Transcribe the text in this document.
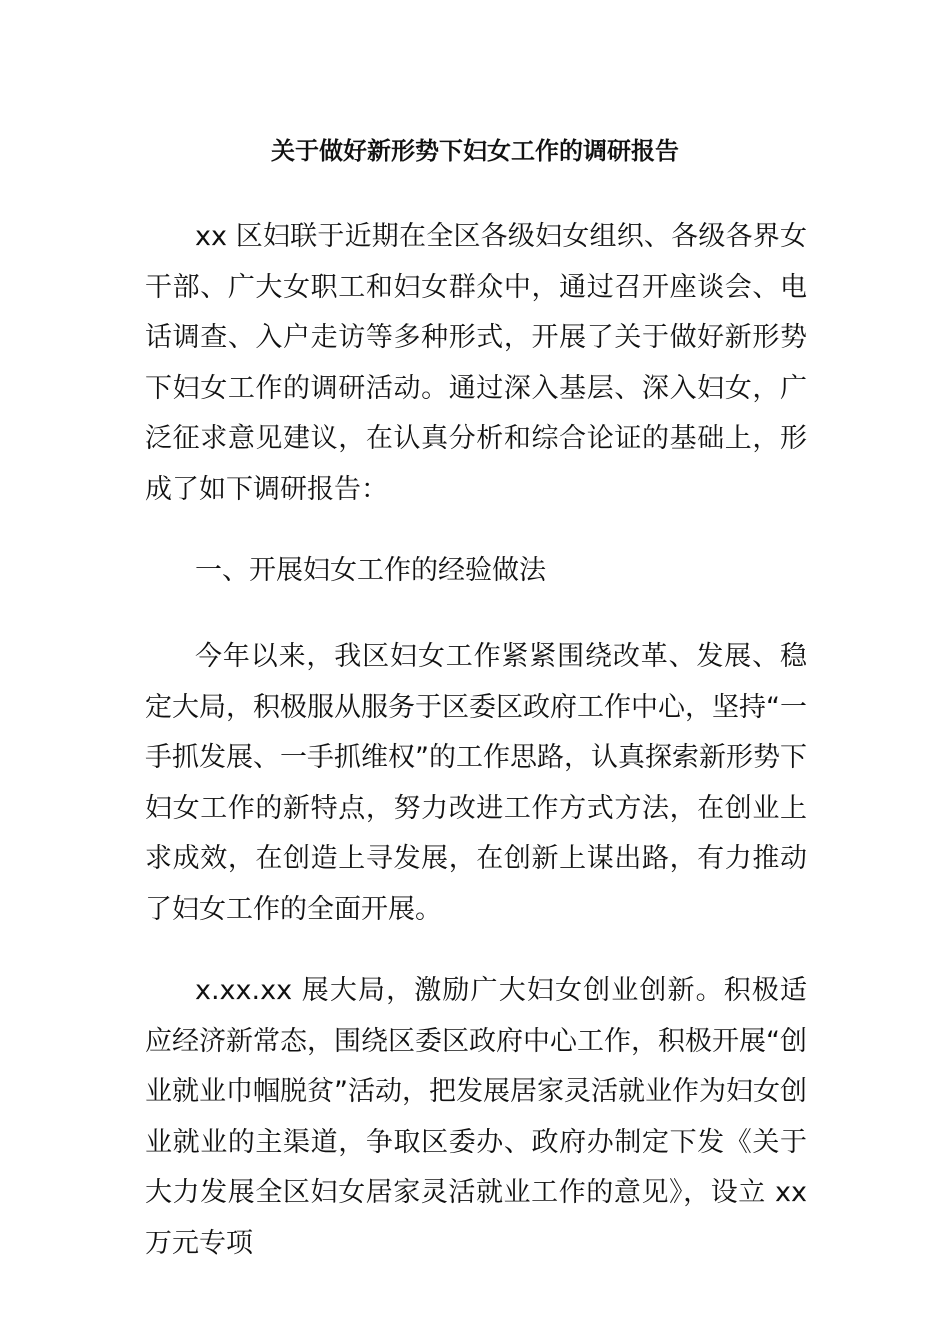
关于做好新形势下妇女工作的调研报告

xx 区妇联于近期在全区各级妇女组织、各级各界女干部、广大女职工和妇女群众中，通过召开座谈会、电话调查、入户走访等多种形式，开展了关于做好新形势下妇女工作的调研活动。通过深入基层、深入妇女，广泛征求意见建议，在认真分析和综合论证的基础上，形成了如下调研报告：

一、开展妇女工作的经验做法

今年以来，我区妇女工作紧紧围绕改革、发展、稳定大局，积极服从服务于区委区政府工作中心，坚持“一手抓发展、一手抓维权”的工作思路，认真探索新形势下妇女工作的新特点，努力改进工作方式方法，在创业上求成效，在创造上寻发展，在创新上谋出路，有力推动了妇女工作的全面开展。

x.xx.xx 展大局，激励广大妇女创业创新。积极适应经济新常态，围绕区委区政府中心工作，积极开展“创业就业巾帼脱贫”活动，把发展居家灵活就业作为妇女创业就业的主渠道，争取区委办、政府办制定下发《关于大力发展全区妇女居家灵活就业工作的意见》，设立 xx 万元专项
